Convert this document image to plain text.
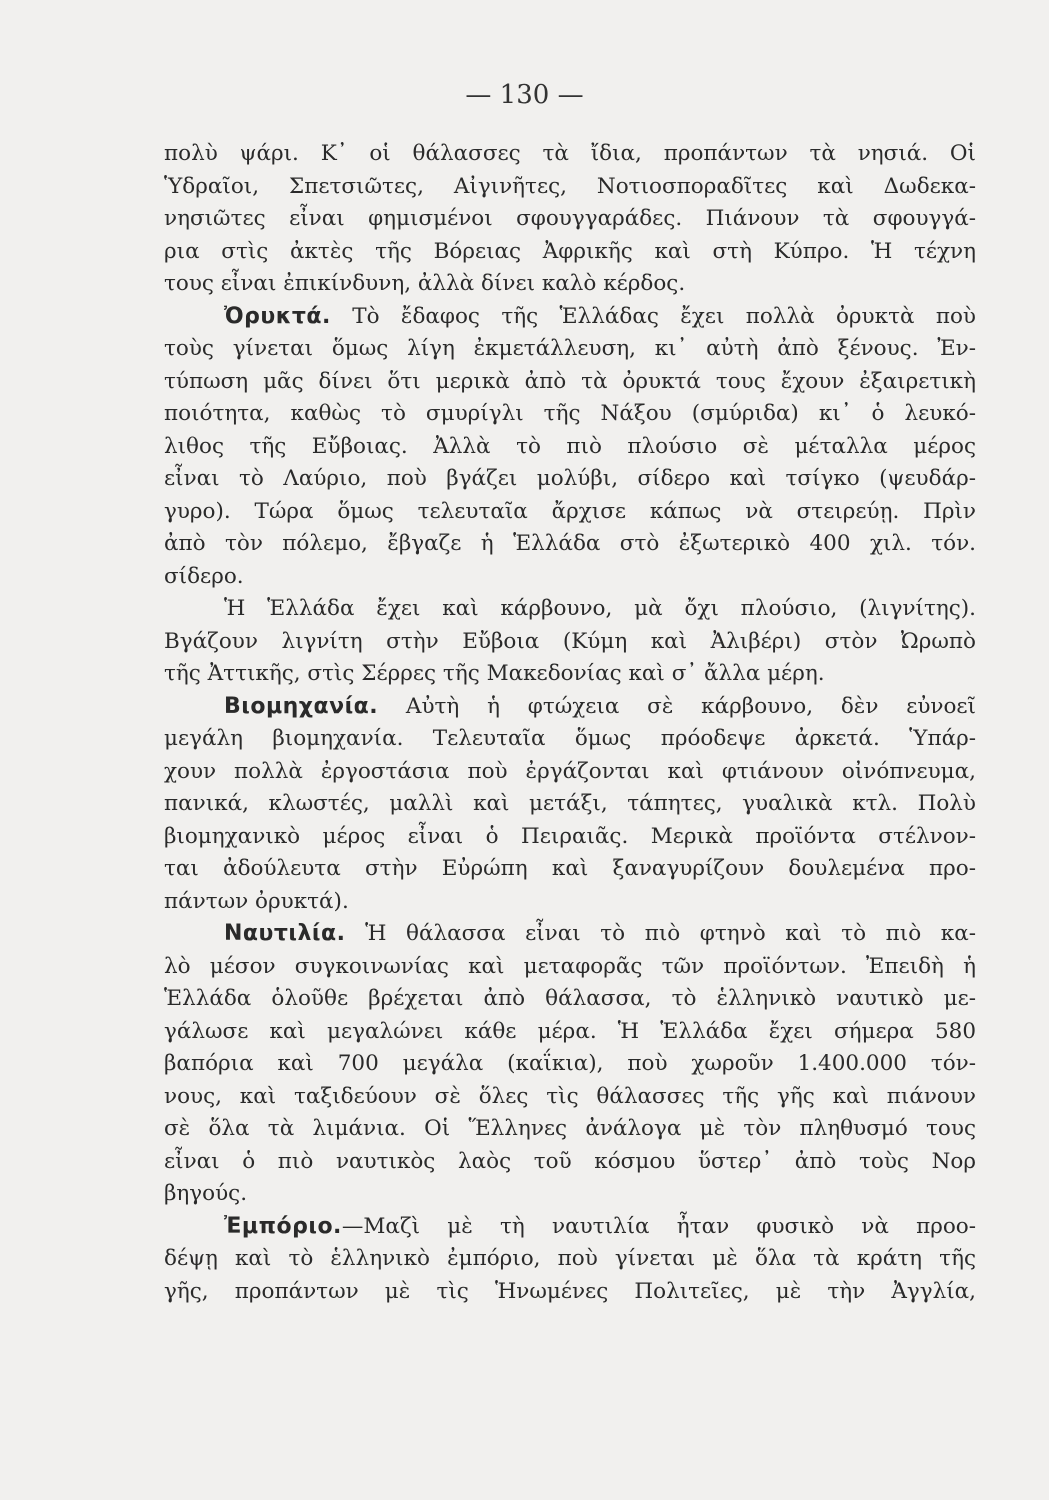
— 130 —
πολὺ ψάρι. Κ᾽ οἱ θάλασσες τὰ ἴδια, προπάντων τὰ νησιά. Οἱ
Ὑδραῖοι, Σπετσιῶτες, Αἰγινῆτες, Νοτιοσποραδῖτες καὶ Δωδεκα-
νησιῶτες εἶναι φημισμένοι σφουγγαράδες. Πιάνουν τὰ σφουγγά-
ρια στὶς ἀκτὲς τῆς Βόρειας Ἀφρικῆς καὶ στὴ Κύπρο. Ἡ τέχνη
τους εἶναι ἐπικίνδυνη, ἀλλὰ δίνει καλὸ κέρδος.
Ὀρυκτά. Τὸ ἔδαφος τῆς Ἑλλάδας ἔχει πολλὰ ὀρυκτὰ ποὺ
τοὺς γίνεται ὅμως λίγη ἐκμετάλλευση, κι᾽ αὐτὴ ἀπὸ ξένους. Ἐν-
τύπωση μᾶς δίνει ὅτι μερικὰ ἀπὸ τὰ ὀρυκτά τους ἔχουν ἐξαιρετικὴ
ποιότητα, καθὼς τὸ σμυρίγλι τῆς Νάξου (σμύριδα) κι᾽ ὁ λευκό-
λιθος τῆς Εὔβοιας. Ἀλλὰ τὸ πιὸ πλούσιο σὲ μέταλλα μέρος
εἶναι τὸ Λαύριο, ποὺ βγάζει μολύβι, σίδερο καὶ τσίγκο (ψευδάρ-
γυρο). Τώρα ὅμως τελευταῖα ἄρχισε κάπως νὰ στειρεύῃ. Πρὶν
ἀπὸ τὸν πόλεμο, ἔβγαζε ἡ Ἑλλάδα στὸ ἐξωτερικὸ 400 χιλ. τόν.
σίδερο.
Ἡ Ἑλλάδα ἔχει καὶ κάρβουνο, μὰ ὄχι πλούσιο, (λιγνίτης).
Βγάζουν λιγνίτη στὴν Εὔβοια (Κύμη καὶ Ἀλιβέρι) στὸν Ὠρωπὸ
τῆς Ἀττικῆς, στὶς Σέρρες τῆς Μακεδονίας καὶ σ᾽ ἄλλα μέρη.
Βιομηχανία. Αὐτὴ ἡ φτώχεια σὲ κάρβουνο, δὲν εὐνοεῖ
μεγάλη βιομηχανία. Τελευταῖα ὅμως πρόοδεψε ἀρκετά. Ὑπάρ-
χουν πολλὰ ἐργοστάσια ποὺ ἐργάζονται καὶ φτιάνουν οἰνόπνευμα,
πανικά, κλωστές, μαλλὶ καὶ μετάξι, τάπητες, γυαλικὰ κτλ. Πολὺ
βιομηχανικὸ μέρος εἶναι ὁ Πειραιᾶς. Μερικὰ προϊόντα στέλνον-
ται ἀδούλευτα στὴν Εὐρώπη καὶ ξαναγυρίζουν δουλεμένα προ-
πάντων ὀρυκτά).
Ναυτιλία. Ἡ θάλασσα εἶναι τὸ πιὸ φτηνὸ καὶ τὸ πιὸ κα-
λὸ μέσον συγκοινωνίας καὶ μεταφορᾶς τῶν προϊόντων. Ἐπειδὴ ἡ
Ἑλλάδα ὁλοῦθε βρέχεται ἀπὸ θάλασσα, τὸ ἑλληνικὸ ναυτικὸ με-
γάλωσε καὶ μεγαλώνει κάθε μέρα. Ἡ Ἑλλάδα ἔχει σήμερα 580
βαπόρια καὶ 700 μεγάλα (καΐκια), ποὺ χωροῦν 1.400.000 τόν-
νους, καὶ ταξιδεύουν σὲ ὅλες τὶς θάλασσες τῆς γῆς καὶ πιάνουν
σὲ ὅλα τὰ λιμάνια. Οἱ Ἕλληνες ἀνάλογα μὲ τὸν πληθυσμό τους
εἶναι ὁ πιὸ ναυτικὸς λαὸς τοῦ κόσμου ὕστερ᾽ ἀπὸ τοὺς Νορ
βηγούς.
Ἐμπόριο.—Μαζὶ μὲ τὴ ναυτιλία ἦταν φυσικὸ νὰ προο-
δέψῃ καὶ τὸ ἑλληνικὸ ἐμπόριο, ποὺ γίνεται μὲ ὅλα τὰ κράτη τῆς
γῆς, προπάντων μὲ τὶς Ἡνωμένες Πολιτεῖες, μὲ τὴν Ἀγγλία,
